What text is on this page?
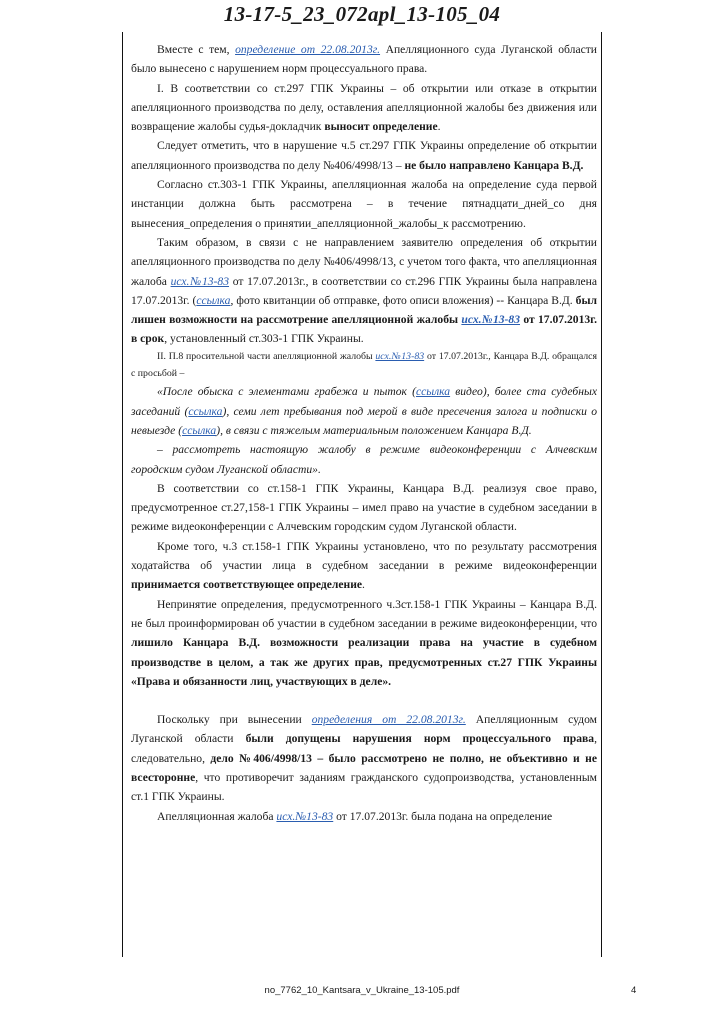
13-17-5_23_072apl_13-105_04

Вместе с тем, определение от 22.08.2013г. Апелляционного суда Луганской области было вынесено с нарушением норм процессуального права.

I. В соответствии со ст.297 ГПК Украины – об открытии или отказе в открытии апелляционного производства по делу, оставления апелляционной жалобы без движения или возвращение жалобы судья-докладчик выносит определение.

Следует отметить, что в нарушение ч.5 ст.297 ГПК Украины определение об открытии апелляционного производства по делу №406/4998/13 – не было направлено Канцара В.Д.

Согласно ст.303-1 ГПК Украины, апелляционная жалоба на определение суда первой инстанции должна быть рассмотрена – в течение пятнадцати_дней_со дня вынесения_определения о принятии_апелляционной_жалобы_к рассмотрению.

Таким образом, в связи с не направлением заявителю определения об открытии апелляционного производства по делу №406/4998/13, с учетом того факта, что апелляционная жалоба исх.№13-83 от 17.07.2013г., в соответствии со ст.296 ГПК Украины была направлена 17.07.2013г. (ссылка, фото квитанции об отправке, фото описи вложения) -- Канцара В.Д. был лишен возможности на рассмотрение апелляционной жалобы исх.№13-83 от 17.07.2013г. в срок, установленный ст.303-1 ГПК Украины.

II. П.8 просительной части апелляционной жалобы исх.№13-83 от 17.07.2013г., Канцара В.Д. обращался с просьбой –

«После обыска с элементами грабежа и пыток (ссылка видео), более ста судебных заседаний (ссылка), семи лет пребывания под мерой в виде пресечения залога и подписки о невыезде (ссылка), в связи с тяжелым материальным положением Канцара В.Д.

– рассмотреть настоящую жалобу в режиме видеоконференции с Алчевским городским судом Луганской области».

В соответствии со ст.158-1 ГПК Украины, Канцара В.Д. реализуя свое право, предусмотренное ст.27,158-1 ГПК Украины – имел право на участие в судебном заседании в режиме видеоконференции с Алчевским городским судом Луганской области.

Кроме того, ч.3 ст.158-1 ГПК Украины установлено, что по результату рассмотрения ходатайства об участии лица в судебном заседании в режиме видеоконференции принимается соответствующее определение.

Непринятие определения, предусмотренного ч.3ст.158-1 ГПК Украины – Канцара В.Д. не был проинформирован об участии в судебном заседании в режиме видеоконференции, что лишило Канцара В.Д. возможности реализации права на участие в судебном производстве в целом, а так же других прав, предусмотренных ст.27 ГПК Украины «Права и обязанности лиц, участвующих в деле».

Поскольку при вынесении определения от 22.08.2013г. Апелляционным судом Луганской области были допущены нарушения норм процессуального права, следовательно, дело №406/4998/13 – было рассмотрено не полно, не объективно и не всесторонне, что противоречит заданиям гражданского судопроизводства, установленным ст.1 ГПК Украины.

Апелляционная жалоба исх.№13-83 от 17.07.2013г. была подана на определение

no_7762_10_Kantsara_v_Ukraine_13-105.pdf	4
